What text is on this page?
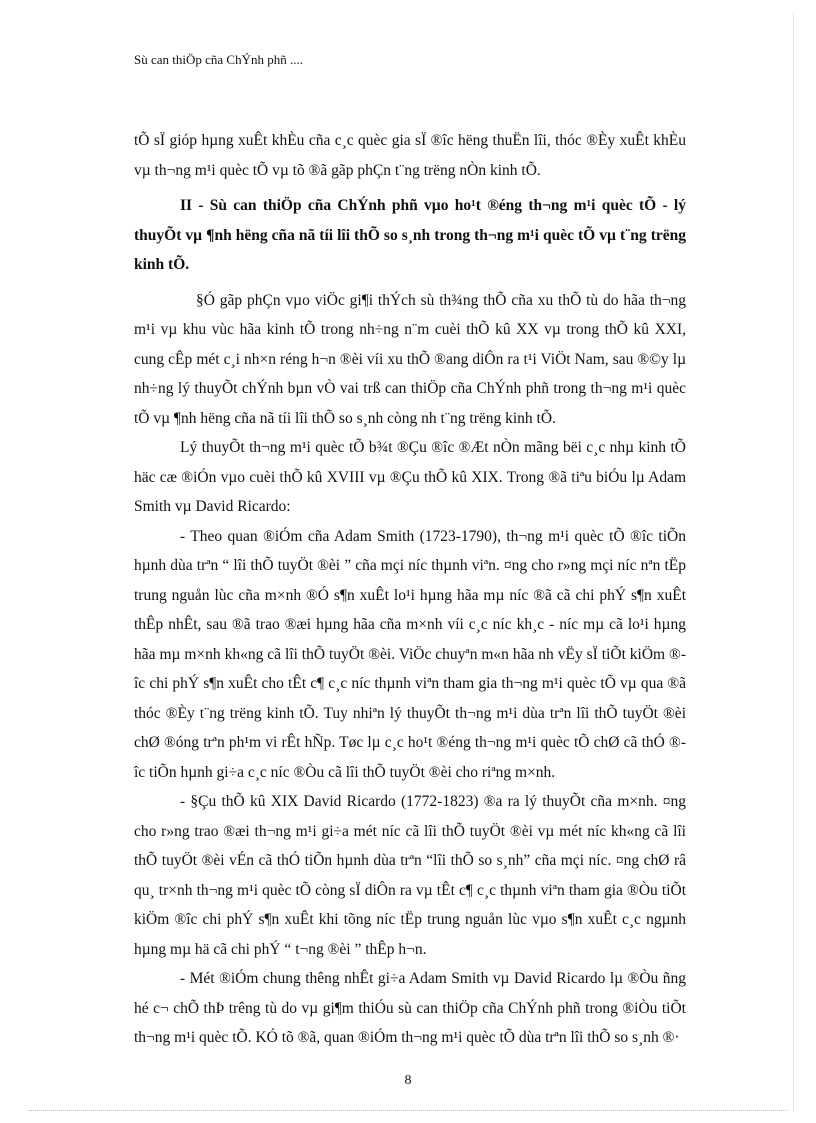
Sù can thiÖp cña ChÝnh phñ ....

tÕ sÏ gióp hµng xuÊt khÈu cña c¸c quèc gia sÏ ®îc hëng thuËn lîi, thóc ®Èy xuÊt khÈu vµ th¬ng m¹i quèc tÕ vµ tõ ®ã gãp phÇn t¨ng trëng nÒn kinh tÕ.

II - Sù can thiÖp cña ChÝnh phñ vµo ho¹t ®éng th¬ng m¹i quèc tÕ - lý thuyÕt vµ ¶nh hëng cña nã tíi lîi thÕ so s¸nh trong th¬ng m¹i quèc tÕ vµ t¨ng trëng kinh tÕ.

§Ó gãp phÇn vµo viÖc gi¶i thÝch sù th¾ng thÕ cña xu thÕ tù do hãa th¬ng m¹i vµ khu vùc hãa kinh tÕ trong nh÷ng n¨m cuèi thÕ kû XX vµ trong thÕ kû XXI, cung cÊp mét c¸i nh×n réng h¬n ®èi víi xu thÕ ®ang diÔn ra t¹i ViÖt Nam, sau ®©y lµ nh÷ng lý thuyÕt chÝnh bµn vÒ vai trß can thiÖp cña ChÝnh phñ trong th¬ng m¹i quèc tÕ vµ ¶nh hëng cña nã tíi lîi thÕ so s¸nh còng nh t¨ng trëng kinh tÕ.

Lý thuyÕt th¬ng m¹i quèc tÕ b¾t ®Çu ®îc ®Æt nÒn mãng bëi c¸c nhµ kinh tÕ häc cæ ®iÓn vµo cuèi thÕ kû XVIII vµ ®Çu thÕ kû XIX. Trong ®ã tiªu biÓu lµ Adam Smith vµ David Ricardo:

- Theo quan ®iÓm cña Adam Smith (1723-1790), th¬ng m¹i quèc tÕ ®îc tiÕn hµnh dùa trªn “ lîi thÕ tuyÖt ®èi ” cña mçi níc thµnh viªn. ¤ng cho r»ng mçi níc nªn tËp trung nguån lùc cña m×nh ®Ó s¶n xuÊt lo¹i hµng hãa mµ níc ®ã cã chi phÝ s¶n xuÊt thÊp nhÊt, sau ®ã trao ®æi hµng hãa cña m×nh víi c¸c níc kh¸c - níc mµ cã lo¹i hµng hãa mµ m×nh kh«ng cã lîi thÕ tuyÖt ®èi. ViÖc chuyªn m«n hãa nh vËy sÏ tiÕt kiÖm ®îc chi phÝ s¶n xuÊt cho tÊt c¶ c¸c níc thµnh viªn tham gia th¬ng m¹i quèc tÕ vµ qua ®ã thóc ®Èy t¨ng trëng kinh tÕ. Tuy nhiªn lý thuyÕt th¬ng m¹i dùa trªn lîi thÕ tuyÖt ®èi chØ ®óng trªn ph¹m vi rÊt hÑp. Tøc lµ c¸c ho¹t ®éng th¬ng m¹i quèc tÕ chØ cã thÓ ®îc tiÕn hµnh gi÷a c¸c níc ®Òu cã lîi thÕ tuyÖt ®èi cho riªng m×nh.

- §Çu thÕ kû XIX David Ricardo (1772-1823) ®a ra lý thuyÕt cña m×nh. ¤ng cho r»ng trao ®æi th¬ng m¹i gi÷a mét níc cã lîi thÕ tuyÖt ®èi vµ mét níc kh«ng cã lîi thÕ tuyÖt ®èi vÉn cã thÓ tiÕn hµnh dùa trªn “lîi thÕ so s¸nh” cña mçi níc. ¤ng chØ râ qu¸ tr×nh th¬ng m¹i quèc tÕ còng sÏ diÔn ra vµ tÊt c¶ c¸c thµnh viªn tham gia ®Òu tiÕt kiÖm ®îc chi phÝ s¶n xuÊt khi tõng níc tËp trung nguån lùc vµo s¶n xuÊt c¸c ngµnh hµng mµ hä cã chi phÝ “ t¬ng ®èi ” thÊp h¬n.

- Mét ®iÓm chung thêng nhÊt gi÷a Adam Smith vµ David Ricardo lµ ®Òu ñng hé c¬ chÕ thÞ trêng tù do vµ gi¶m thiÓu sù can thiÖp cña ChÝnh phñ trong ®iÒu tiÕt th¬ng m¹i quèc tÕ. KÓ tõ ®ã, quan ®iÓm th¬ng m¹i quèc tÕ dùa trªn lîi thÕ so s¸nh ®·

8
